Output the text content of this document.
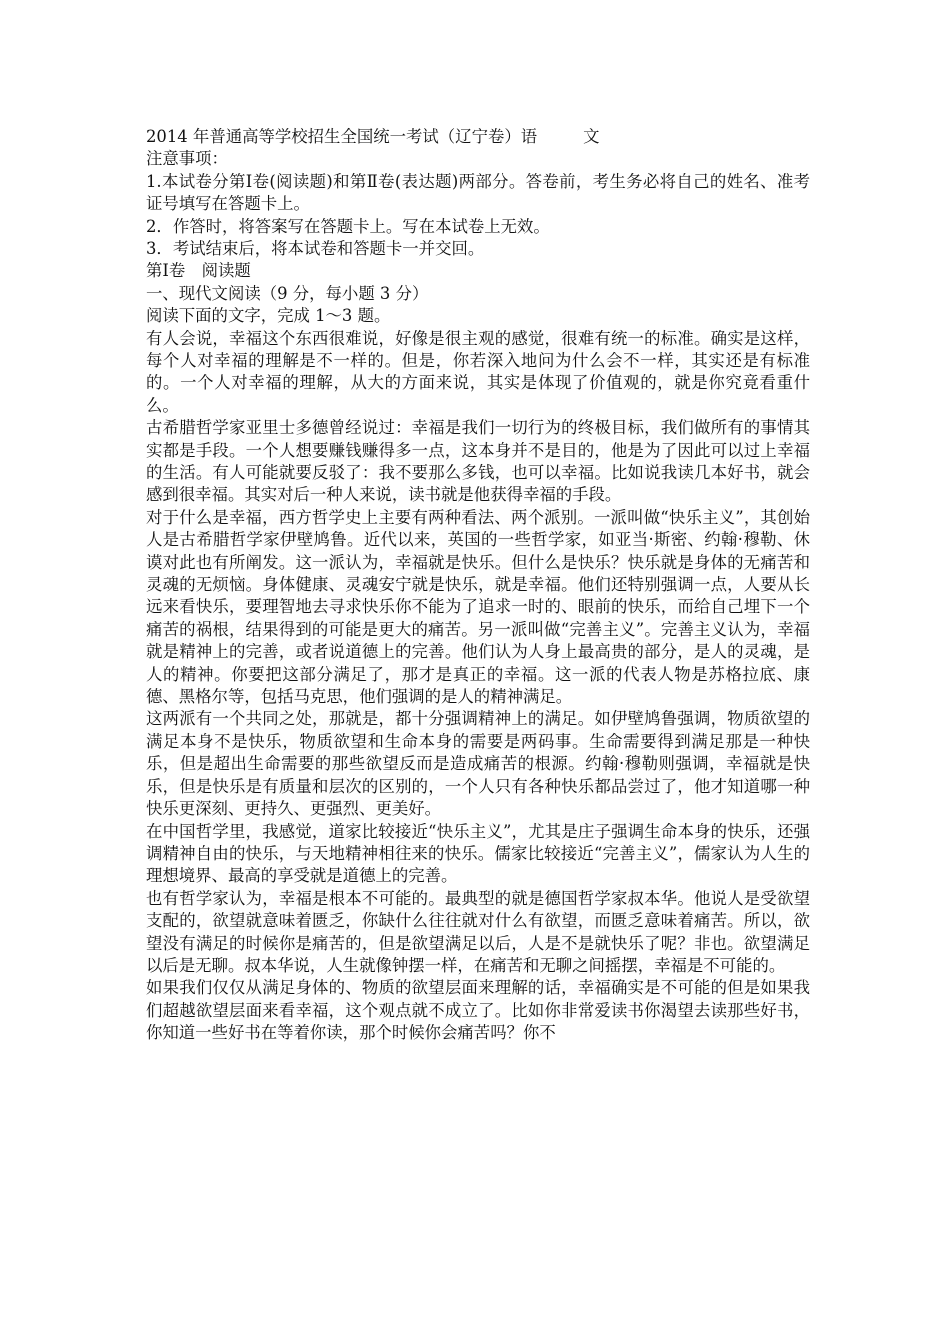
2014 年普通高等学校招生全国统一考试（辽宁卷）语	文
注意事项：

1.本试卷分第Ⅰ卷(阅读题)和第Ⅱ卷(表达题)两部分。答卷前，考生务必将自己的姓名、准考证号填写在答题卡上。

2．作答时，将答案写在答题卡上。写在本试卷上无效。

3．考试结束后，将本试卷和答题卡一并交回。

第Ⅰ卷　阅读题
一、现代文阅读（9 分，每小题 3 分）
阅读下面的文字，完成 1～3 题。

有人会说，幸福这个东西很难说，好像是很主观的感觉，很难有统一的标准。确实是这样，每个人对幸福的理解是不一样的。但是，你若深入地问为什么会不一样，其实还是有标准的。一个人对幸福的理解，从大的方面来说，其实是体现了价值观的，就是你究竟看重什么。

古希腊哲学家亚里士多德曾经说过：幸福是我们一切行为的终极目标，我们做所有的事情其实都是手段。一个人想要赚钱赚得多一点，这本身并不是目的，他是为了因此可以过上幸福的生活。有人可能就要反驳了：我不要那么多钱，也可以幸福。比如说我读几本好书，就会感到很幸福。其实对后一种人来说，读书就是他获得幸福的手段。

对于什么是幸福，西方哲学史上主要有两种看法、两个派别。一派叫做“快乐主义”，其创始人是古希腊哲学家伊壁鸠鲁。近代以来，英国的一些哲学家，如亚当·斯密、约翰·穆勒、休谟对此也有所阐发。这一派认为，幸福就是快乐。但什么是快乐？快乐就是身体的无痛苦和灵魂的无烦恼。身体健康、灵魂安宁就是快乐，就是幸福。他们还特别强调一点，人要从长远来看快乐，要理智地去寻求快乐你不能为了追求一时的、眼前的快乐，而给自己埋下一个痛苦的祸根，结果得到的可能是更大的痛苦。另一派叫做“完善主义”。完善主义认为，幸福就是精神上的完善，或者说道德上的完善。他们认为人身上最高贵的部分，是人的灵魂，是人的精神。你要把这部分满足了，那才是真正的幸福。这一派的代表人物是苏格拉底、康德、黑格尔等，包括马克思，他们强调的是人的精神满足。

这两派有一个共同之处，那就是，都十分强调精神上的满足。如伊壁鸠鲁强调，物质欲望的满足本身不是快乐，物质欲望和生命本身的需要是两码事。生命需要得到满足那是一种快乐，但是超出生命需要的那些欲望反而是造成痛苦的根源。约翰·穆勒则强调，幸福就是快乐，但是快乐是有质量和层次的区别的，一个人只有各种快乐都品尝过了，他才知道哪一种快乐更深刻、更持久、更强烈、更美好。

在中国哲学里，我感觉，道家比较接近“快乐主义”，尤其是庄子强调生命本身的快乐，还强调精神自由的快乐，与天地精神相往来的快乐。儒家比较接近“完善主义”，儒家认为人生的理想境界、最高的享受就是道德上的完善。

也有哲学家认为，幸福是根本不可能的。最典型的就是德国哲学家叔本华。他说人是受欲望支配的，欲望就意味着匮乏，你缺什么往往就对什么有欲望，而匮乏意味着痛苦。所以，欲望没有满足的时候你是痛苦的，但是欲望满足以后，人是不是就快乐了呢？非也。欲望满足以后是无聊。叔本华说，人生就像钟摆一样，在痛苦和无聊之间摇摆，幸福是不可能的。

如果我们仅仅从满足身体的、物质的欲望层面来理解的话，幸福确实是不可能的但是如果我们超越欲望层面来看幸福，这个观点就不成立了。比如你非常爱读书你渴望去读那些好书，你知道一些好书在等着你读，那个时候你会痛苦吗？你不
